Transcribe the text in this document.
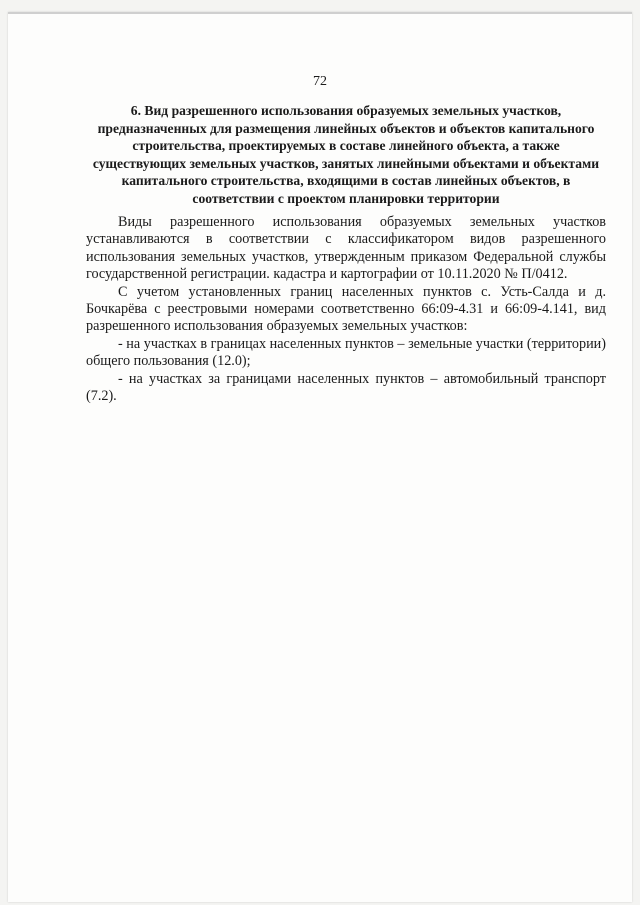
72
6. Вид разрешенного использования образуемых земельных участков, предназначенных для размещения линейных объектов и объектов капитального строительства, проектируемых в составе линейного объекта, а также существующих земельных участков, занятых линейными объектами и объектами капитального строительства, входящими в состав линейных объектов, в соответствии с проектом планировки территории

Виды разрешенного использования образуемых земельных участков устанавливаются в соответствии с классификатором видов разрешенного использования земельных участков, утвержденным приказом Федеральной службы государственной регистрации. кадастра и картографии от 10.11.2020 № П/0412.

С учетом установленных границ населенных пунктов с. Усть-Салда и д. Бочкарёва с реестровыми номерами соответственно 66:09-4.31 и 66:09-4.141, вид разрешенного использования образуемых земельных участков:

- на участках в границах населенных пунктов – земельные участки (территории) общего пользования (12.0);

- на участках за границами населенных пунктов – автомобильный транспорт (7.2).
